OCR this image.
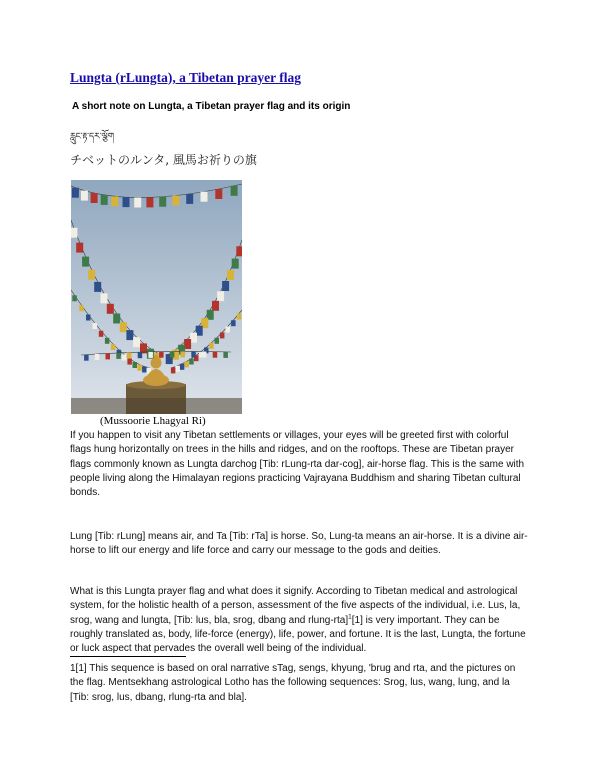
Lungta (rLungta), a Tibetan prayer flag
A short note on Lungta, a Tibetan prayer flag and its origin
རླུང་རྟ་དར་ལྕོག
チベットのルンタ, 風馬お祈りの旗
(Mussoorie Lhagyal Ri)

If you happen to visit any Tibetan settlements or villages, your eyes will be greeted first with colorful flags hung horizontally on trees in the hills and ridges, and on the rooftops. These are Tibetan prayer flags commonly known as Lungta darchog [Tib: rLung-rta dar-cog], air-horse flag. This is the same with people living along the Himalayan regions practicing Vajrayana Buddhism and sharing Tibetan cultural bonds.

Lung [Tib: rLung] means air, and Ta [Tib: rTa] is horse. So, Lung-ta means an air-horse. It is a divine air-horse to lift our energy and life force and carry our message to the gods and deities.

What is this Lungta prayer flag and what does it signify. According to Tibetan medical and astrological system, for the holistic health of a person, assessment of the five aspects of the individual, i.e. Lus, la, srog, wang and lungta, [Tib: lus, bla, srog, dbang and rlung-rta]$^1$[1] is very important. They can be roughly translated as, body, life-force (energy), life, power, and fortune. It is the last, Lungta, the fortune or luck aspect that pervades the overall well being of the individual.

1[1] This sequence is based on oral narrative sTag, sengs, khyung, 'brug and rta, and the pictures on the flag. Mentsekhang astrological Lotho has the following sequences: Srog, lus, wang, lung, and la [Tib: srog, lus, dbang, rlung-rta and bla].
